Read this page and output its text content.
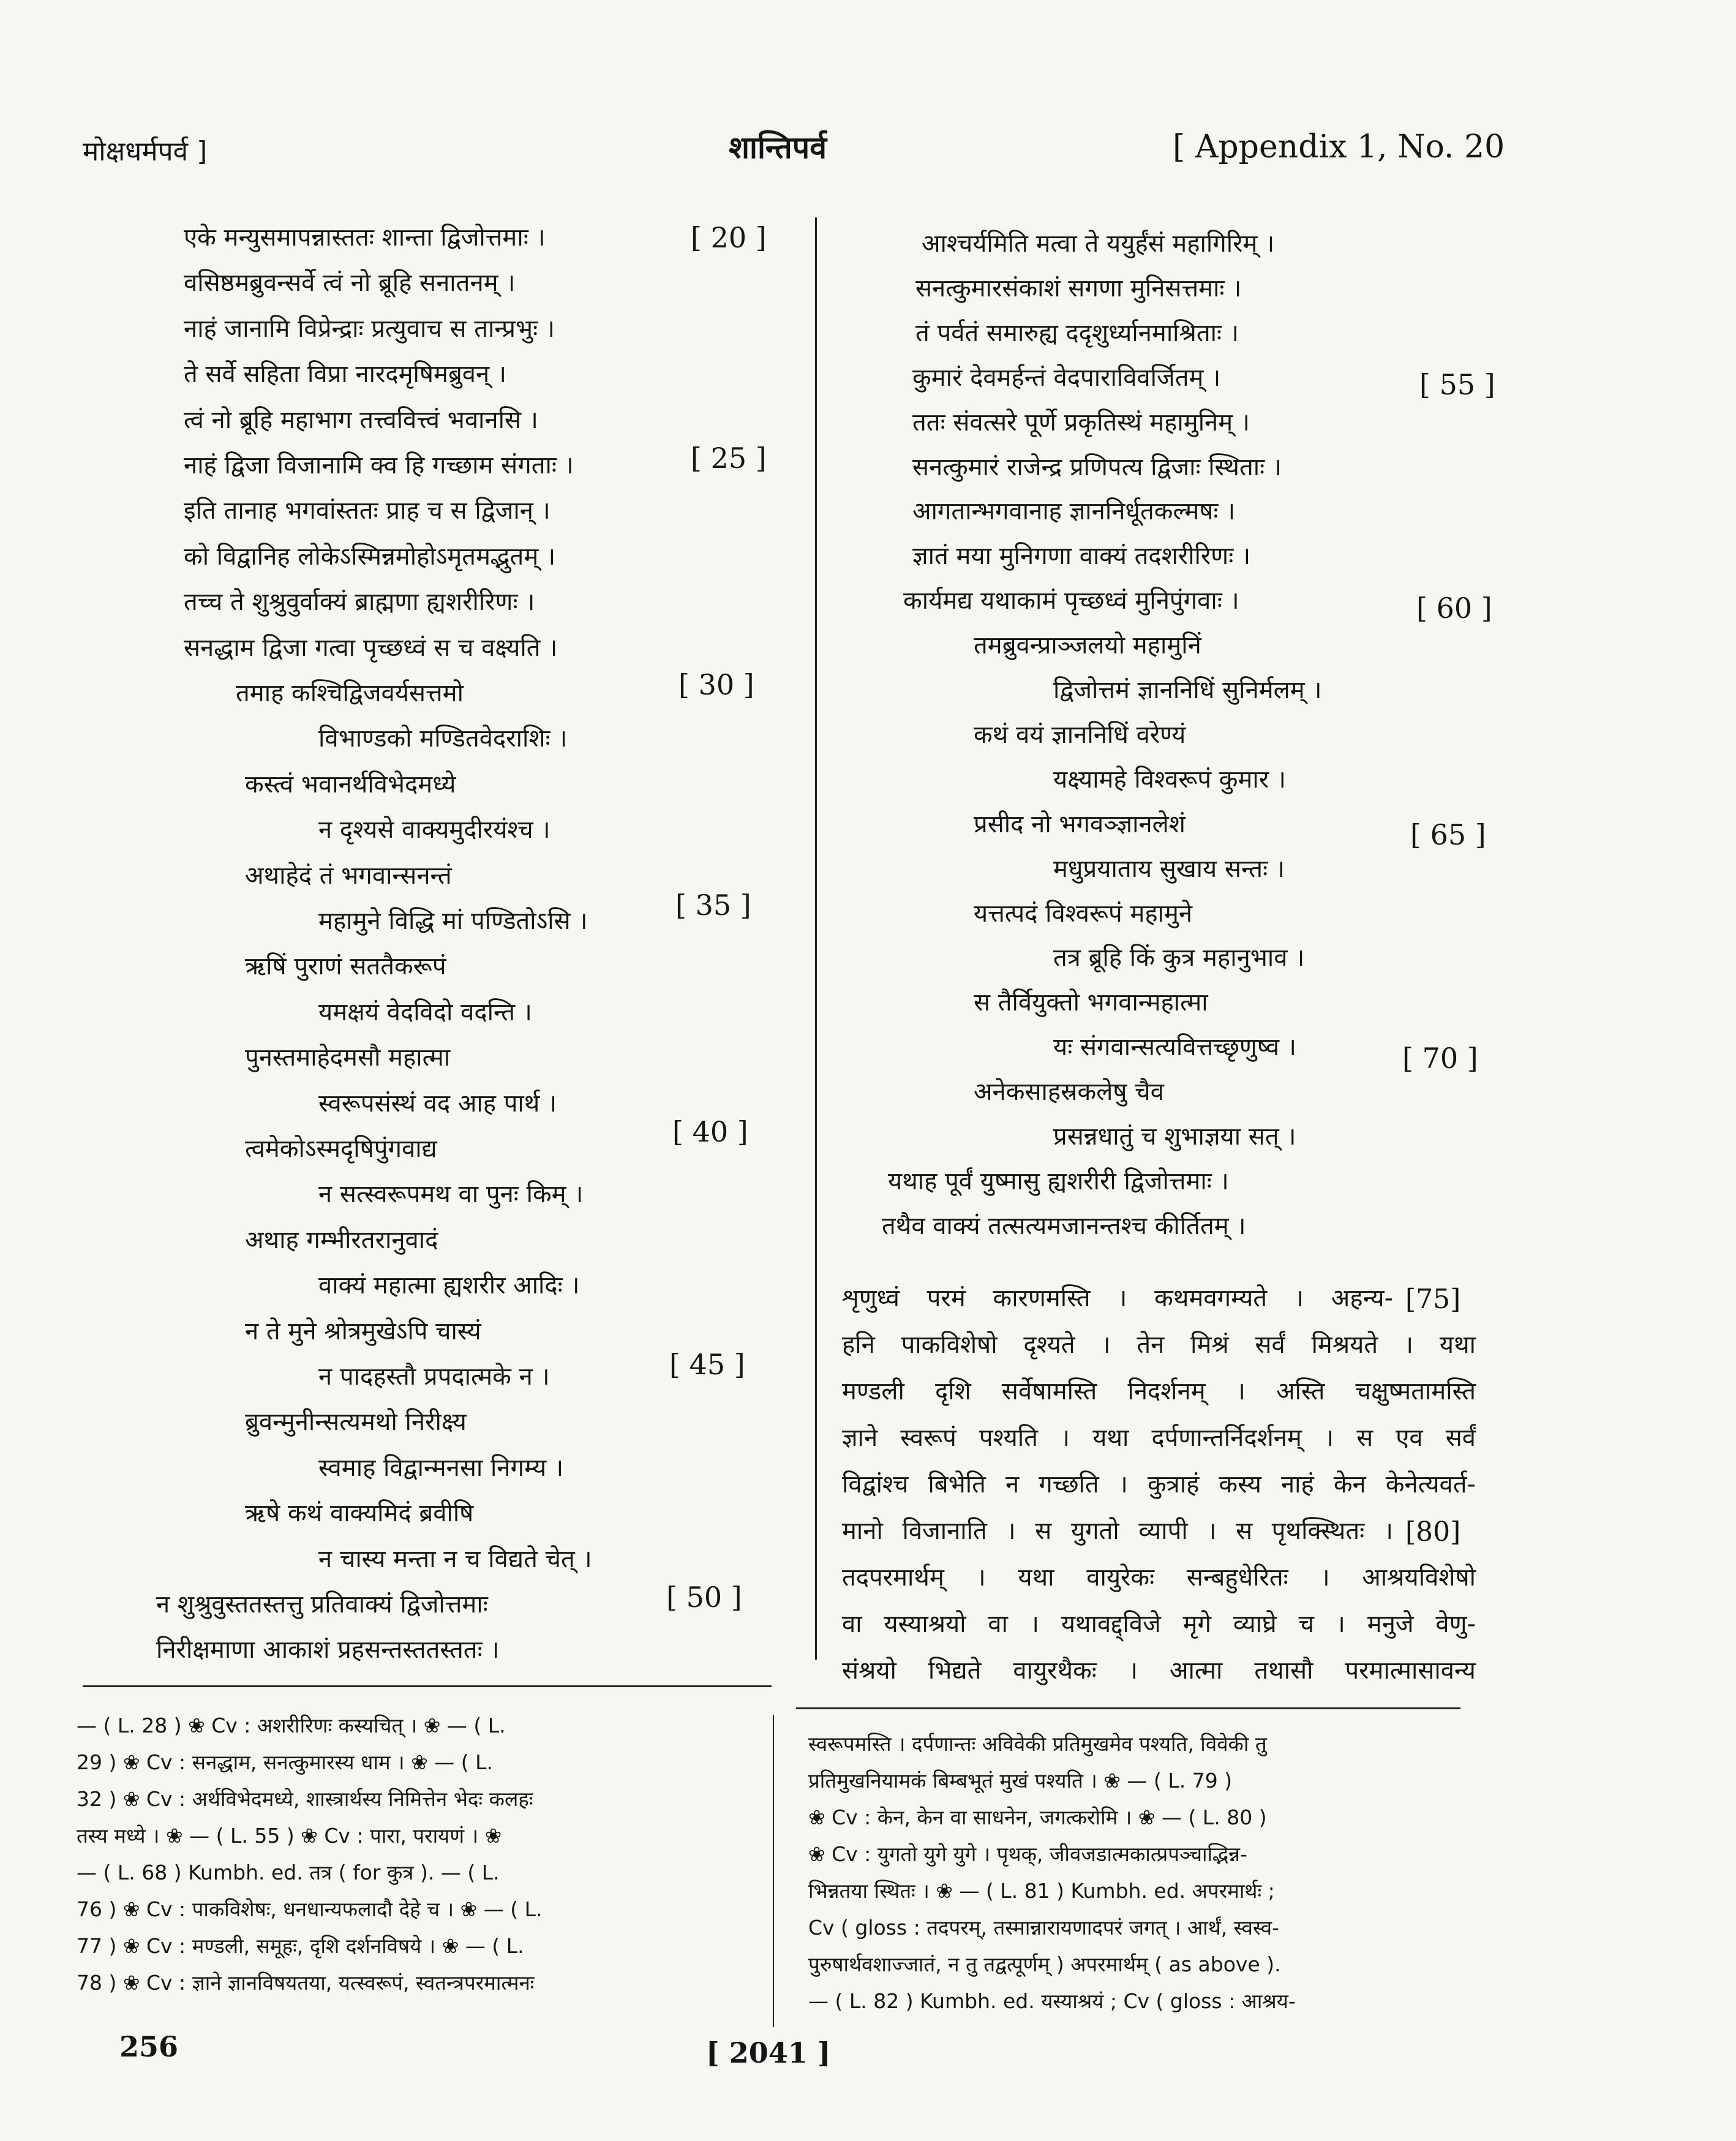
मोक्षधर्मपर्व ]	शान्तिपर्व	[ Appendix 1, No. 20
एके मन्युसमापन्नास्ततः शान्ता द्विजोत्तमाः ।
वसिष्ठमब्रुवन्सर्वे त्वं नो ब्रूहि सनातनम् ।
नाहं जानामि विप्रेन्द्राः प्रत्युवाच स तान्प्रभुः ।
ते सर्वे सहिता विप्रा नारदमृषिमब्रुवन् ।
त्वं नो ब्रूहि महाभाग तत्त्ववित्त्वं भवानसि ।
नाहं द्विजा विजानामि क्व हि गच्छाम संगताः ।
इति तानाह भगवांस्ततः प्राह च स द्विजान् ।
को विद्वानिह लोकेऽस्मिन्नमोहोऽमृतमद्भुतम् ।
तच्च ते शुश्रुवुर्वाक्यं ब्राह्मणा ह्यशरीरिणः ।
सनद्धाम द्विजा गत्वा पृच्छध्वं स च वक्ष्यति ।
तमाह कश्चिद्विजवर्यसत्तमो
विभाण्डको मण्डितवेदराशिः ।
कस्त्वं भवानर्थविभेदमध्ये
न दृश्यसे वाक्यमुदीरयंश्च ।
अथाहेदं तं भगवान्सनन्तं
महामुने विद्धि मां पण्डितोऽसि ।
ऋषिं पुराणं सततैकरूपं
यमक्षयं वेदविदो वदन्ति ।
पुनस्तमाहेदमसौ महात्मा
स्वरूपसंस्थं वद आह पार्थ ।
त्वमेकोऽस्मदृषिपुंगवाद्य
न सत्स्वरूपमथ वा पुनः किम् ।
अथाह गम्भीरतरानुवादं
वाक्यं महात्मा ह्यशरीर आदिः ।
न ते मुने श्रोत्रमुखेऽपि चास्यं
न पादहस्तौ प्रपदात्मके न ।
ब्रुवन्मुनीन्सत्यमथो निरीक्ष्य
स्वमाह विद्वान्मनसा निगम्य ।
ऋषे कथं वाक्यमिदं ब्रवीषि
न चास्य मन्ता न च विद्यते चेत् ।
न शुश्रुवुस्ततस्तत्तु प्रतिवाक्यं द्विजोत्तमाः
निरीक्षमाणा आकाशं प्रहसन्तस्ततस्ततः ।
आश्चर्यमिति मत्वा ते ययुर्हंसं महागिरिम् ।
सनत्कुमारसंकाशं सगणा मुनिसत्तमाः ।
तं पर्वतं समारुह्य ददृशुर्ध्यानमाश्रिताः ।
कुमारं देवमर्हन्तं वेदपाराविवर्जितम् ।
ततः संवत्सरे पूर्णे प्रकृतिस्थं महामुनिम् ।
सनत्कुमारं राजेन्द्र प्रणिपत्य द्विजाः स्थिताः ।
आगतान्भगवानाह ज्ञाननिर्धूतकल्मषः ।
ज्ञातं मया मुनिगणा वाक्यं तदशरीरिणः ।
कार्यमद्य यथाकामं पृच्छध्वं मुनिपुंगवाः ।
तमब्रुवन्प्राञ्जलयो महामुनिं
द्विजोत्तमं ज्ञाननिधिं सुनिर्मलम् ।
कथं वयं ज्ञाननिधिं वरेण्यं
यक्ष्यामहे विश्वरूपं कुमार ।
प्रसीद नो भगवञ्ज्ञानलेशं
मधुप्रयाताय सुखाय सन्तः ।
यत्तत्पदं विश्वरूपं महामुने
तत्र ब्रूहि किं कुत्र महानुभाव ।
स तैर्वियुक्तो भगवान्महात्मा
यः संगवान्सत्यवित्तच्छृणुष्व ।
अनेकसाहस्रकलेषु चैव
प्रसन्नधातुं च शुभाज्ञया सत् ।
यथाह पूर्वं युष्मासु ह्यशरीरी द्विजोत्तमाः ।
तथैव वाक्यं तत्सत्यमजानन्तश्च कीर्तितम् ।
[ 20 ]
[ 25 ]
[ 30 ]
[ 35 ]
[ 40 ]
[ 45 ]
[ 50 ]
[ 55 ]
[ 60 ]
[ 65 ]
[ 70 ]
शृणुध्वं परमं कारणमस्ति । कथमवगम्यते । अहन्य-
हनि पाकविशेषो दृश्यते । तेन मिश्रं सर्वं मिश्रयते । यथा
मण्डली दृशि सर्वेषामस्ति निदर्शनम् । अस्ति चक्षुष्मतामस्ति
ज्ञाने स्वरूपं पश्यति । यथा दर्पणान्तर्निदर्शनम् । स एव सर्वं
विद्वांश्च बिभेति न गच्छति । कुत्राहं कस्य नाहं केन केनेत्यवर्त-
मानो विजानाति । स युगतो व्यापी । स पृथक्स्थितः ।
तदपरमार्थम् । यथा वायुरेकः सन्बहुधेरितः । आश्रयविशेषो
वा यस्याश्रयो वा । यथावद्द्विजे मृगे व्याघ्रे च । मनुजे वेणु-
संश्रयो भिद्यते वायुरथैकः । आत्मा तथासौ परमात्मासावन्य
[75]
[80]
— ( L. 28 ) ❀ Cv : अशरीरिणः कस्यचित् । ❀ — ( L.
29 ) ❀ Cv : सनद्धाम, सनत्कुमारस्य धाम । ❀ — ( L.
32 ) ❀ Cv : अर्थविभेदमध्ये, शास्त्रार्थस्य निमित्तेन भेदः कलहः
तस्य मध्ये । ❀ — ( L. 55 ) ❀ Cv : पारा, परायणं । ❀
— ( L. 68 ) Kumbh. ed. तत्र ( for कुत्र ). — ( L.
76 ) ❀ Cv : पाकविशेषः, धनधान्यफलादौ देहे च । ❀ — ( L.
77 ) ❀ Cv : मण्डली, समूहः, दृशि दर्शनविषये । ❀ — ( L.
78 ) ❀ Cv : ज्ञाने ज्ञानविषयतया, यत्स्वरूपं, स्वतन्त्रपरमात्मनः
स्वरूपमस्ति । दर्पणान्तः अविवेकी प्रतिमुखमेव पश्यति, विवेकी तु
प्रतिमुखनियामकं बिम्बभूतं मुखं पश्यति । ❀ — ( L. 79 )
❀ Cv : केन, केन वा साधनेन, जगत्करोमि । ❀ — ( L. 80 )
❀ Cv : युगतो युगे युगे । पृथक्, जीवजडात्मकात्प्रपञ्चाद्भिन्न-
भिन्नतया स्थितः । ❀ — ( L. 81 ) Kumbh. ed. अपरमार्थः ;
Cv ( gloss : तदपरम्, तस्मान्नारायणादपरं जगत् । आर्थं, स्वस्व-
पुरुषार्थवशाज्जातं, न तु तद्वत्पूर्णम् ) अपरमार्थम् ( as above ).
— ( L. 82 ) Kumbh. ed. यस्याश्रयं ; Cv ( gloss : आश्रय-
256	[ 2041 ]
